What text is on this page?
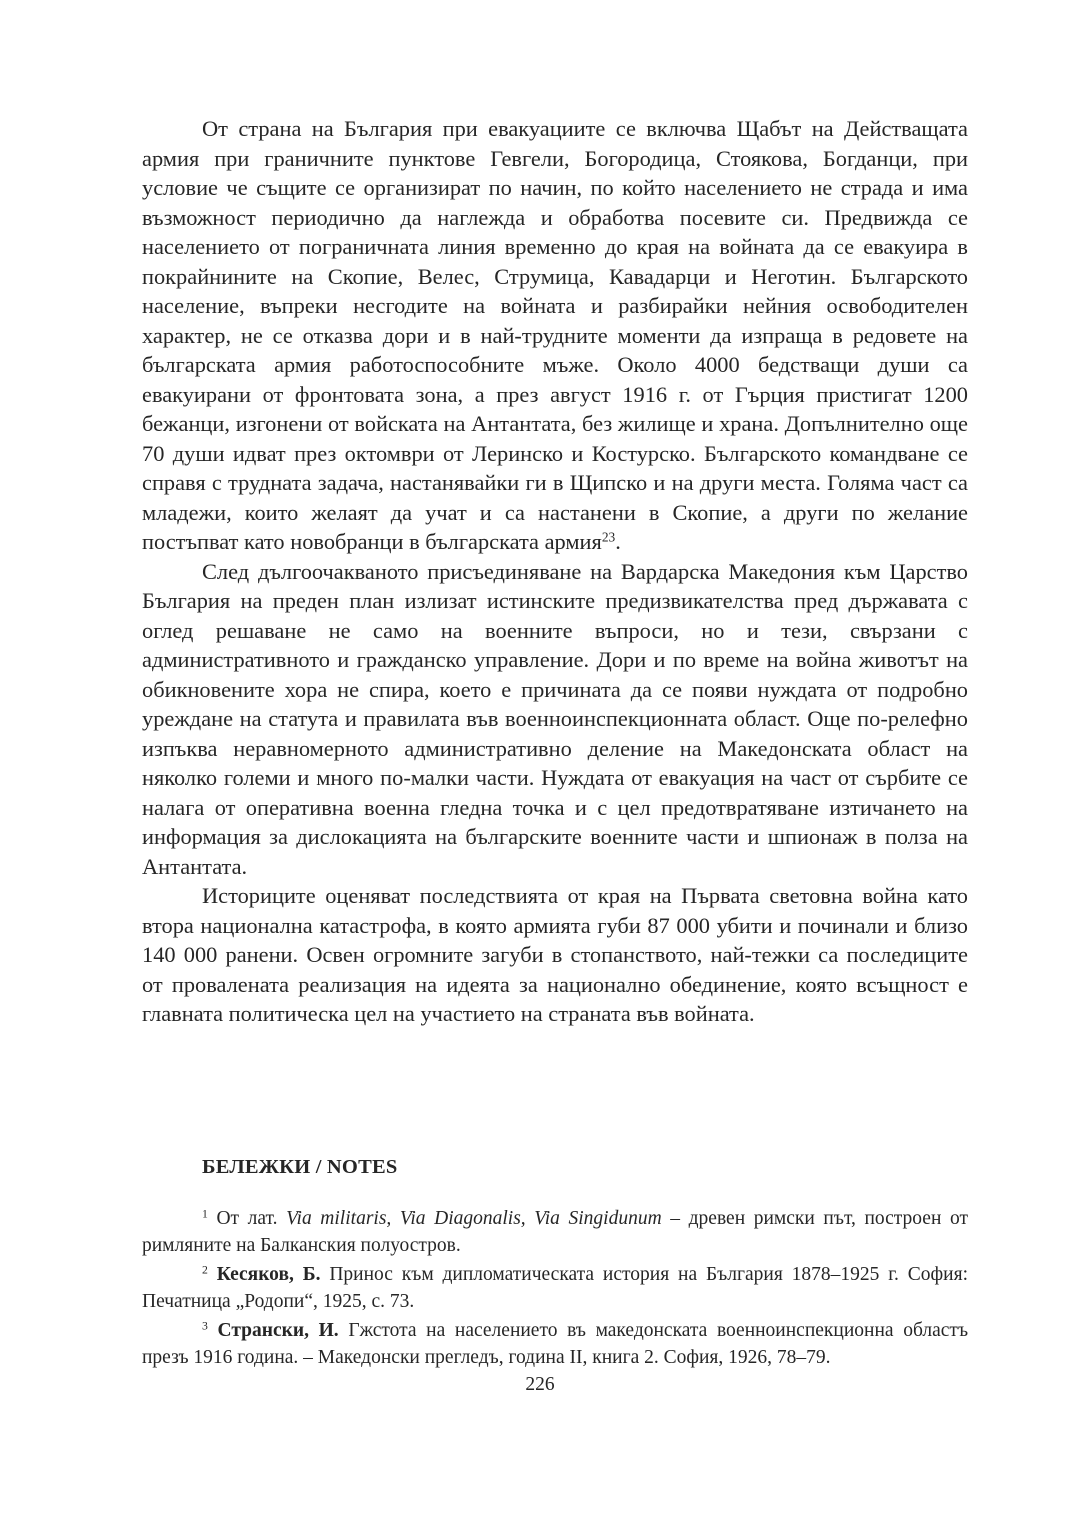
От страна на България при евакуациите се включва Щабът на Действащата армия при граничните пунктове Гевгели, Богородица, Стоякова, Богданци, при условие че същите се организират по начин, по който населението не страда и има възможност периодично да наглежда и обработва посевите си. Предвижда се населението от пограничната линия временно до края на войната да се евакуира в покрайнините на Скопие, Велес, Струмица, Кавадарци и Неготин. Българското население, въпреки несгодите на войната и разбирайки нейния освободителен характер, не се отказва дори и в най-трудните моменти да изпраща в редовете на българската армия работоспособните мъже. Около 4000 бедстващи души са евакуирани от фронтовата зона, а през август 1916 г. от Гърция пристигат 1200 бежанци, изгонени от войската на Антантата, без жилище и храна. Допълнително още 70 души идват през октомври от Леринско и Костурско. Българското командване се справя с трудната задача, настанявайки ги в Щипско и на други места. Голяма част са младежи, които желаят да учат и са настанени в Скопие, а други по желание постъпват като новобранци в българската армия$^{23}$.

След дългоочакваното присъединяване на Вардарска Македония към Царство България на преден план излизат истинските предизвикателства пред държавата с оглед решаване не само на военните въпроси, но и тези, свързани с административното и гражданско управление. Дори и по време на война животът на обикновените хора не спира, което е причината да се появи нуждата от подробно уреждане на статута и правилата във военноинспекционната област. Още по-релефно изпъква неравномерното административно деление на Македонската област на няколко големи и много по-малки части. Нуждата от евакуация на част от сърбите се налага от оперативна военна гледна точка и с цел предотвратяване изтичането на информация за дислокацията на българските военните части и шпионаж в полза на Антантата.

Историците оценяват последствията от края на Първата световна война като втора национална катастрофа, в която армията губи 87 000 убити и починали и близо 140 000 ранени. Освен огромните загуби в стопанството, най-тежки са последиците от провалената реализация на идеята за национално обединение, която всъщност е главната политическа цел на участието на страната във войната.

БЕЛЕЖКИ / NOTES

$^1$ От лат. Via militaris, Via Diagonalis, Via Singidunum – древен римски път, построен от римляните на Балканския полуостров.

$^2$ Кесяков, Б. Принос към дипломатическата история на България 1878–1925 г. София: Печатница „Родопи“, 1925, с. 73.

$^3$ Странски, И. Гжстота на населението въ македонската военноинспекционна областъ презъ 1916 година. – Македонски прегледъ, година II, книга 2. София, 1926, 78–79.

226
